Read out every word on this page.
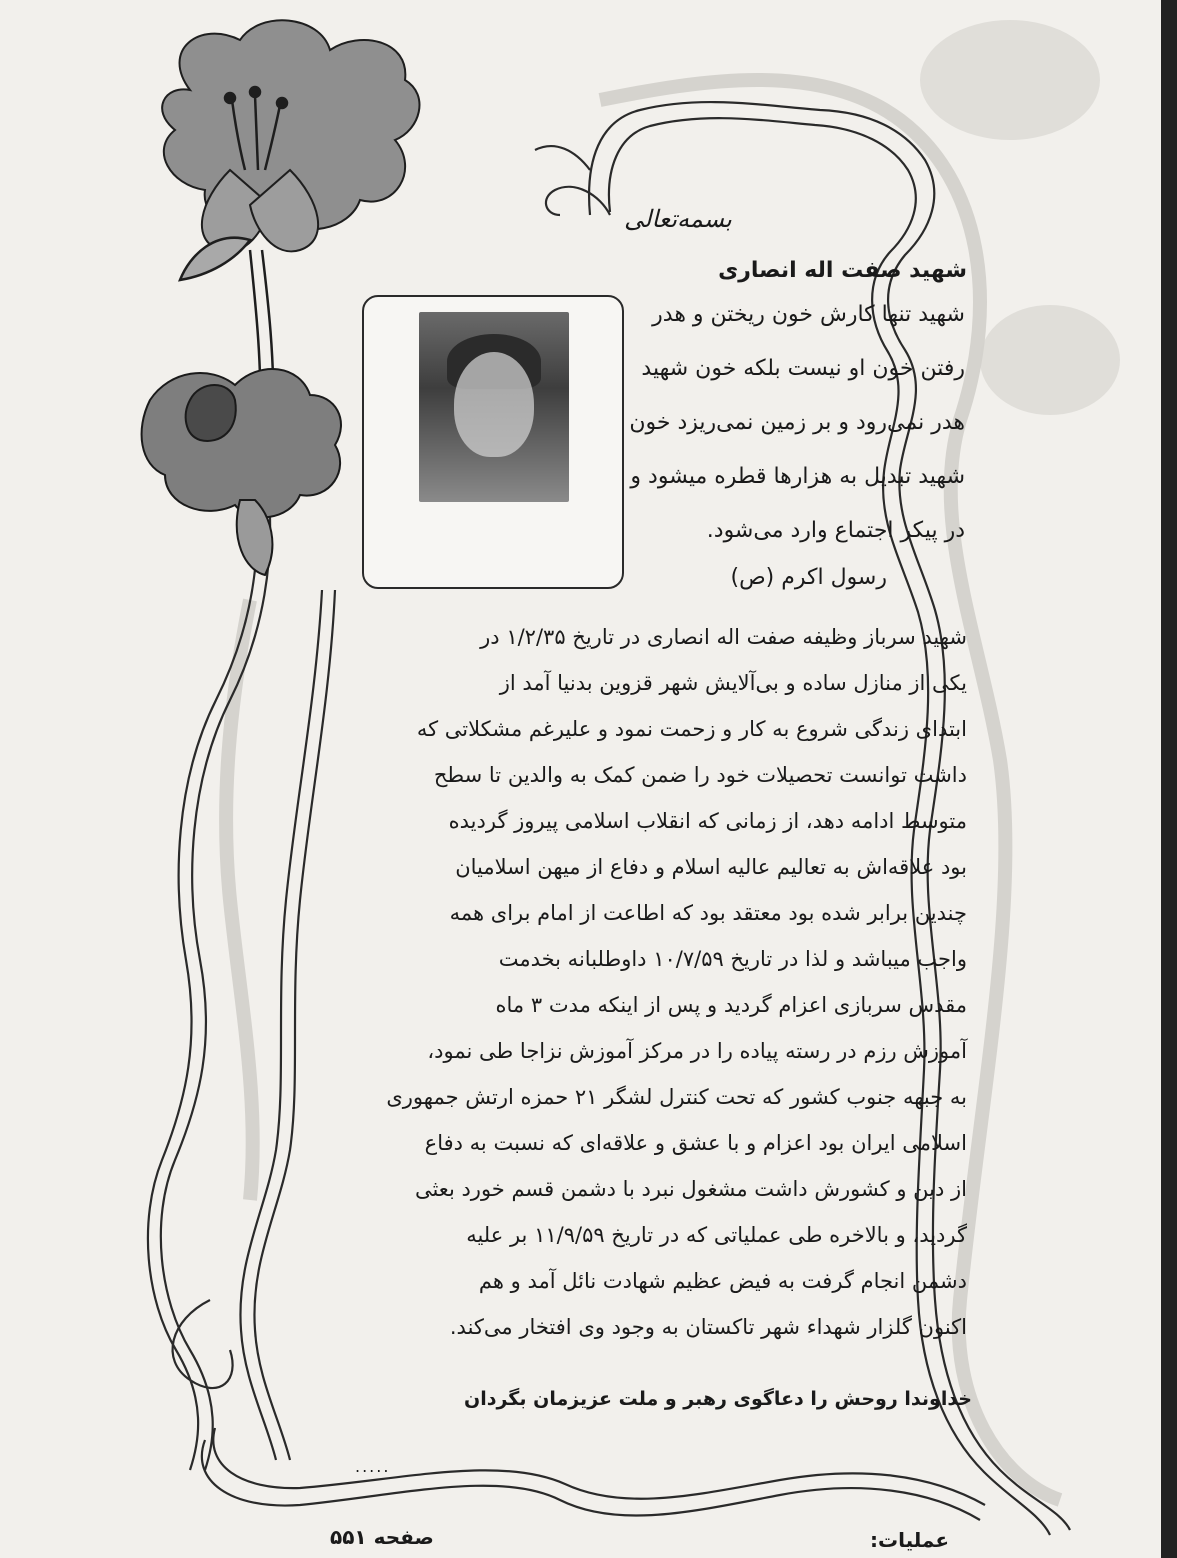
بسمه‌تعالی
شهید صفت اله انصاری
شهید تنها کارش خون ریختن و هدر
رفتن خون او نیست بلکه خون شهید
هدر نمی‌رود و بر زمین نمی‌ریزد خون
شهید تبدیل به هزارها قطره میشود و
در پیکر اجتماع وارد می‌شود.
رسول اکرم (ص)
شهید سرباز وظیفه صفت اله انصاری در تاریخ ۱/۲/۳۵ در
یکی از منازل ساده و بی‌آلایش شهر قزوین بدنیا آمد از
ابتدای زندگی شروع به کار و زحمت نمود و علیرغم مشکلاتی که
داشت توانست تحصیلات خود را ضمن کمک به والدین تا سطح
متوسط ادامه دهد، از زمانی که انقلاب اسلامی پیروز گردیده
بود علاقه‌اش به تعالیم عالیه اسلام و دفاع از میهن اسلامیان
چندین برابر شده بود معتقد بود که اطاعت از امام برای همه
واجب میباشد و لذا در تاریخ ۱۰/۷/۵۹ داوطلبانه بخدمت
مقدس سربازی اعزام گردید و پس از اینکه مدت ۳ ماه
آموزش رزم در رسته پیاده را در مرکز آموزش نزاجا طی نمود،
به جبهه جنوب کشور که تحت کنترل لشگر ۲۱ حمزه ارتش جمهوری
اسلامی ایران بود اعزام و با عشق و علاقه‌ای که نسبت به دفاع
از دین و کشورش داشت مشغول نبرد با دشمن قسم خورد بعثی
گردید، و بالاخره طی عملیاتی که در تاریخ ۱۱/۹/۵۹ بر علیه
دشمن انجام گرفت به فیض عظیم شهادت نائل آمد و هم
اکنون گلزار شهداء شهر تاکستان به وجود وی افتخار می‌کند.
خداوندا روحش را دعاگوی رهبر و ملت عزیزمان بگردان
.....
صفحه ۵۵۱	عملیات:
